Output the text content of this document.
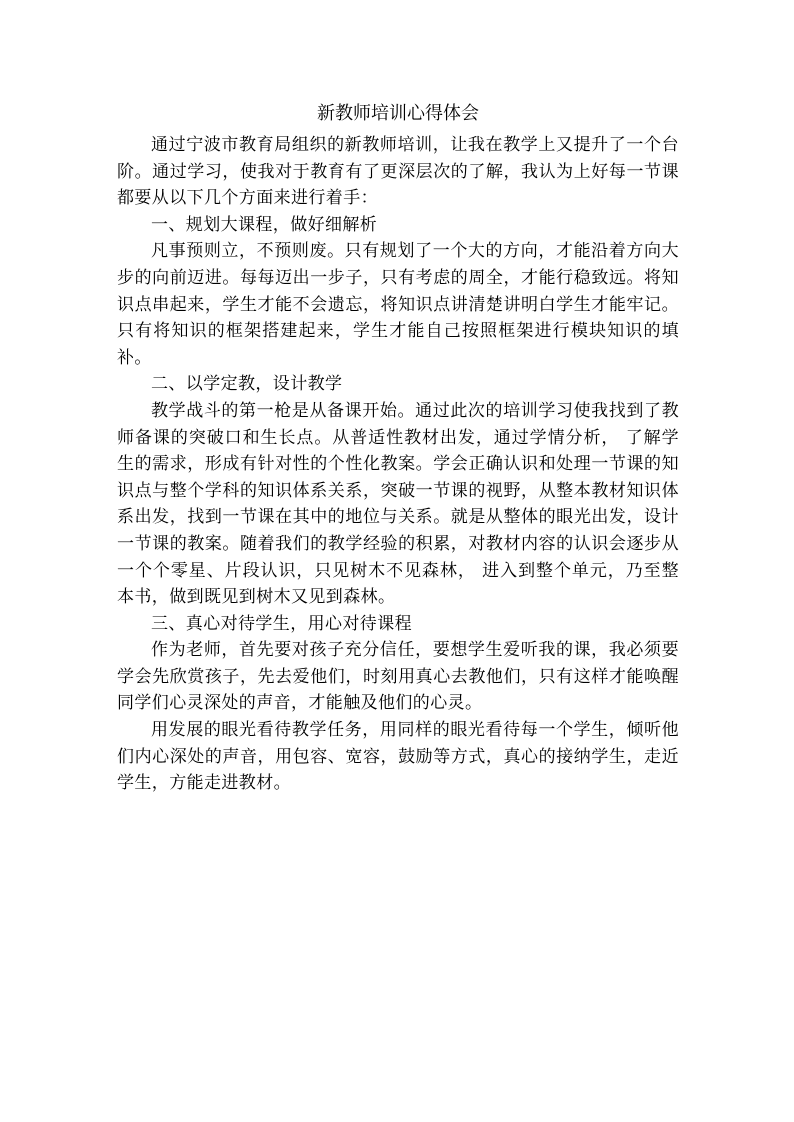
新教师培训心得体会

通过宁波市教育局组织的新教师培训，让我在教学上又提升了一个台阶。通过学习，使我对于教育有了更深层次的了解，我认为上好每一节课都要从以下几个方面来进行着手：

一、规划大课程，做好细解析

凡事预则立，不预则废。只有规划了一个大的方向，才能沿着方向大步的向前迈进。每每迈出一步子，只有考虑的周全，才能行稳致远。将知识点串起来，学生才能不会遗忘，将知识点讲清楚讲明白学生才能牢记。只有将知识的框架搭建起来，学生才能自己按照框架进行模块知识的填补。

二、以学定教，设计教学

教学战斗的第一枪是从备课开始。通过此次的培训学习使我找到了教师备课的突破口和生长点。从普适性教材出发，通过学情分析， 了解学生的需求，形成有针对性的个性化教案。学会正确认识和处理一节课的知识点与整个学科的知识体系关系，突破一节课的视野，从整本教材知识体系出发，找到一节课在其中的地位与关系。就是从整体的眼光出发，设计一节课的教案。随着我们的教学经验的积累，对教材内容的认识会逐步从一个个零星、片段认识，只见树木不见森林， 进入到整个单元，乃至整本书，做到既见到树木又见到森林。

三、真心对待学生，用心对待课程

作为老师，首先要对孩子充分信任，要想学生爱听我的课，我必须要学会先欣赏孩子，先去爱他们，时刻用真心去教他们，只有这样才能唤醒同学们心灵深处的声音，才能触及他们的心灵。

用发展的眼光看待教学任务，用同样的眼光看待每一个学生，倾听他们内心深处的声音，用包容、宽容，鼓励等方式，真心的接纳学生，走近学生，方能走进教材。
